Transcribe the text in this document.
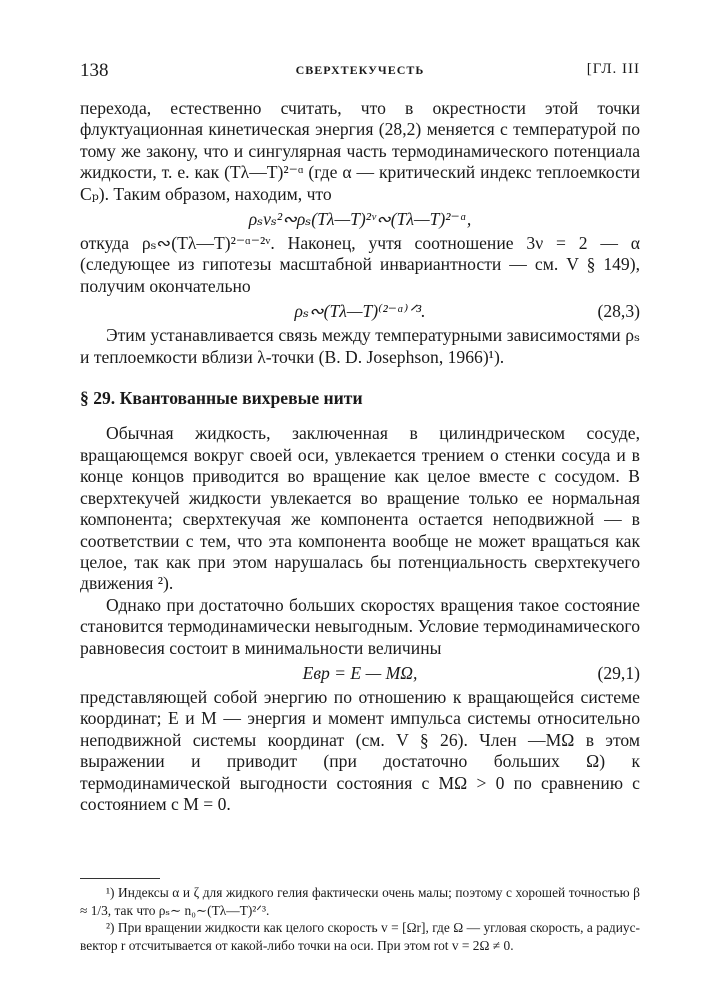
138	СВЕРХТЕКУЧЕСТЬ	[ГЛ. III

перехода, естественно считать, что в окрестности этой точки флуктуационная кинетическая энергия (28,2) меняется с температурой по тому же закону, что и сингулярная часть термодинамического потенциала жидкости, т. е. как (Tλ—T)²⁻ᵅ (где α — критический индекс теплоемкости Cₚ). Таким образом, находим, что

ρₛvₛ²∾ρₛ(Tλ—T)²ᵛ∾(Tλ—T)²⁻ᵅ,

откуда ρₛ∾(Tλ—T)²⁻ᵅ⁻²ᵛ. Наконец, учтя соотношение 3ν = 2 — α (следующее из гипотезы масштабной инвариантности — см. V § 149), получим окончательно

ρₛ∾(Tλ—T)⁽²⁻ᵅ⁾ᐟ³.	(28,3)

Этим устанавливается связь между температурными зависимостями ρₛ и теплоемкости вблизи λ-точки (B. D. Josephson, 1966)¹).

§ 29. Квантованные вихревые нити

Обычная жидкость, заключенная в цилиндрическом сосуде, вращающемся вокруг своей оси, увлекается трением о стенки сосуда и в конце концов приводится во вращение как целое вместе с сосудом. В сверхтекучей жидкости увлекается во вращение только ее нормальная компонента; сверхтекучая же компонента остается неподвижной — в соответствии с тем, что эта компонента вообще не может вращаться как целое, так как при этом нарушалась бы потенциальность сверхтекучего движения ²).

Однако при достаточно больших скоростях вращения такое состояние становится термодинамически невыгодным. Условие термодинамического равновесия состоит в минимальности величины

Eвр = E — MΩ,	(29,1)

представляющей собой энергию по отношению к вращающейся системе координат; E и M — энергия и момент импульса системы относительно неподвижной системы координат (см. V § 26). Член —MΩ в этом выражении и приводит (при достаточно больших Ω) к термодинамической выгодности состояния с MΩ > 0 по сравнению с состоянием с M = 0.

¹) Индексы α и ζ для жидкого гелия фактически очень малы; поэтому с хорошей точностью β ≈ 1/3, так что ρₛ∼ n₀∼(Tλ—T)²ᐟ³.

²) При вращении жидкости как целого скорость v = [Ωr], где Ω — угловая скорость, а радиус-вектор r отсчитывается от какой-либо точки на оси. При этом rot v = 2Ω ≠ 0.
